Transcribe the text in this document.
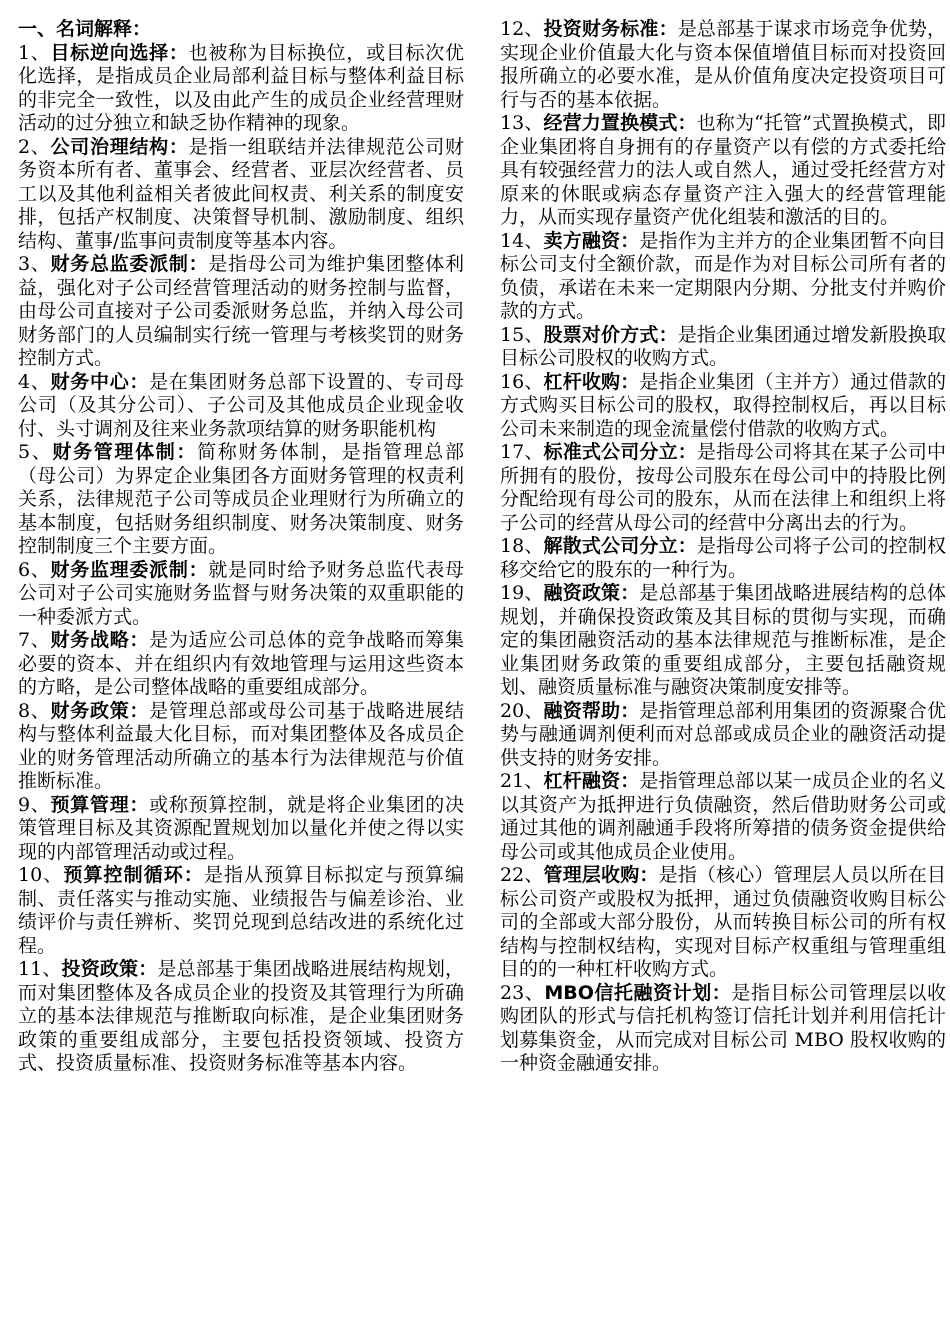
一、名词解释：

1、目标逆向选择：也被称为目标换位，或目标次优化选择，是指成员企业局部利益目标与整体利益目标的非完全一致性，以及由此产生的成员企业经营理财活动的过分独立和缺乏协作精神的现象。

2、公司治理结构：是指一组联结并法律规范公司财务资本所有者、董事会、经营者、亚层次经营者、员工以及其他利益相关者彼此间权责、利关系的制度安排，包括产权制度、决策督导机制、激励制度、组织结构、董事/监事问责制度等基本内容。

3、财务总监委派制：是指母公司为维护集团整体利益，强化对子公司经营管理活动的财务控制与监督，由母公司直接对子公司委派财务总监，并纳入母公司财务部门的人员编制实行统一管理与考核奖罚的财务控制方式。

4、财务中心：是在集团财务总部下设置的、专司母公司（及其分公司）、子公司及其他成员企业现金收付、头寸调剂及往来业务款项结算的财务职能机构

5、财务管理体制：简称财务体制，是指管理总部（母公司）为界定企业集团各方面财务管理的权责利关系，法律规范子公司等成员企业理财行为所确立的基本制度，包括财务组织制度、财务决策制度、财务控制制度三个主要方面。

6、财务监理委派制：就是同时给予财务总监代表母公司对子公司实施财务监督与财务决策的双重职能的一种委派方式。

7、财务战略：是为适应公司总体的竞争战略而筹集必要的资本、并在组织内有效地管理与运用这些资本的方略，是公司整体战略的重要组成部分。

8、财务政策：是管理总部或母公司基于战略进展结构与整体利益最大化目标，而对集团整体及各成员企业的财务管理活动所确立的基本行为法律规范与价值推断标准。

9、预算管理：或称预算控制，就是将企业集团的决策管理目标及其资源配置规划加以量化并使之得以实现的内部管理活动或过程。

10、预算控制循环：是指从预算目标拟定与预算编制、责任落实与推动实施、业绩报告与偏差诊治、业绩评价与责任辨析、奖罚兑现到总结改进的系统化过程。

11、投资政策：是总部基于集团战略进展结构规划，而对集团整体及各成员企业的投资及其管理行为所确立的基本法律规范与推断取向标准，是企业集团财务政策的重要组成部分，主要包括投资领域、投资方式、投资质量标准、投资财务标准等基本内容。

12、投资财务标准：是总部基于谋求市场竞争优势，实现企业价值最大化与资本保值增值目标而对投资回报所确立的必要水准，是从价值角度决定投资项目可行与否的基本依据。

13、经营力置换模式：也称为“托管”式置换模式，即企业集团将自身拥有的存量资产以有偿的方式委托给具有较强经营力的法人或自然人，通过受托经营方对原来的休眠或病态存量资产注入强大的经营管理能力，从而实现存量资产优化组装和激活的目的。

14、卖方融资：是指作为主并方的企业集团暂不向目标公司支付全额价款，而是作为对目标公司所有者的负债，承诺在未来一定期限内分期、分批支付并购价款的方式。

15、股票对价方式：是指企业集团通过增发新股换取目标公司股权的收购方式。

16、杠杆收购：是指企业集团（主并方）通过借款的方式购买目标公司的股权，取得控制权后，再以目标公司未来制造的现金流量偿付借款的收购方式。

17、标准式公司分立：是指母公司将其在某子公司中所拥有的股份，按母公司股东在母公司中的持股比例分配给现有母公司的股东，从而在法律上和组织上将子公司的经营从母公司的经营中分离出去的行为。

18、解散式公司分立：是指母公司将子公司的控制权移交给它的股东的一种行为。

19、融资政策：是总部基于集团战略进展结构的总体规划，并确保投资政策及其目标的贯彻与实现，而确定的集团融资活动的基本法律规范与推断标准，是企业集团财务政策的重要组成部分，主要包括融资规划、融资质量标准与融资决策制度安排等。

20、融资帮助：是指管理总部利用集团的资源聚合优势与融通调剂便利而对总部或成员企业的融资活动提供支持的财务安排。

21、杠杆融资：是指管理总部以某一成员企业的名义以其资产为抵押进行负债融资，然后借助财务公司或通过其他的调剂融通手段将所筹措的债务资金提供给母公司或其他成员企业使用。

22、管理层收购：是指（核心）管理层人员以所在目标公司资产或股权为抵押，通过负债融资收购目标公司的全部或大部分股份，从而转换目标公司的所有权结构与控制权结构，实现对目标产权重组与管理重组目的的一种杠杆收购方式。

23、MBO信托融资计划：是指目标公司管理层以收购团队的形式与信托机构签订信托计划并利用信托计划募集资金，从而完成对目标公司 MBO 股权收购的一种资金融通安排。
